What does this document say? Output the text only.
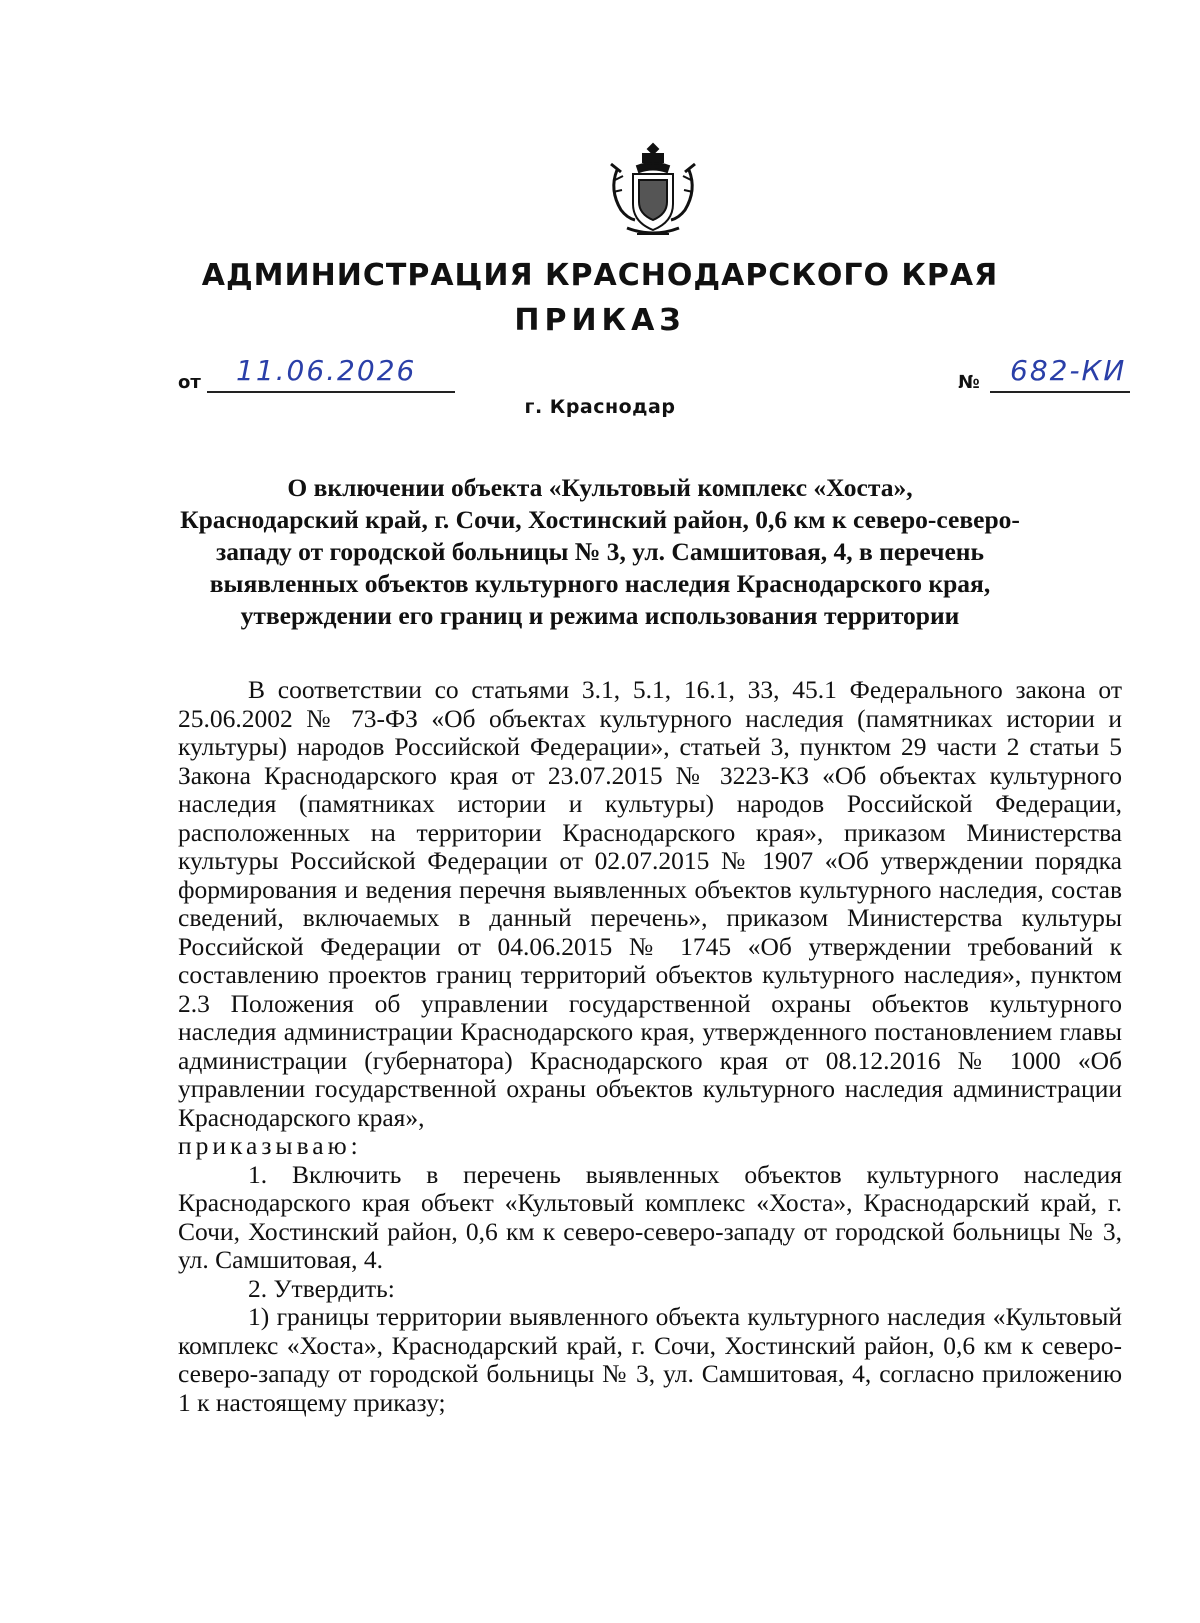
АДМИНИСТРАЦИЯ КРАСНОДАРСКОГО КРАЯ
ПРИКАЗ
от 11.06.2026	№ 682-КИ
г. Краснодар
О включении объекта «Культовый комплекс «Хоста»,
Краснодарский край, г. Сочи, Хостинский район, 0,6 км к северо-северо-
западу от городской больницы № 3, ул. Самшитовая, 4, в перечень
выявленных объектов культурного наследия Краснодарского края,
утверждении его границ и режима использования территории

В соответствии со статьями 3.1, 5.1, 16.1, 33, 45.1 Федерального закона от 25.06.2002 № 73-ФЗ «Об объектах культурного наследия (памятниках истории и культуры) народов Российской Федерации», статьей 3, пунктом 29 части 2 статьи 5 Закона Краснодарского края от 23.07.2015 № 3223-КЗ «Об объектах культурного наследия (памятниках истории и культуры) народов Российской Федерации, расположенных на территории Краснодарского края», приказом Министерства культуры Российской Федерации от 02.07.2015 № 1907 «Об утверждении порядка формирования и ведения перечня выявленных объектов культурного наследия, состав сведений, включаемых в данный перечень», приказом Министерства культуры Российской Федерации от 04.06.2015 № 1745 «Об утверждении требований к составлению проектов границ территорий объектов культурного наследия», пунктом 2.3 Положения об управлении государственной охраны объектов культурного наследия администрации Краснодарского края, утвержденного постановлением главы администрации (губернатора) Краснодарского края от 08.12.2016 № 1000 «Об управлении государственной охраны объектов культурного наследия администрации Краснодарского края»,

приказываю:

1. Включить в перечень выявленных объектов культурного наследия Краснодарского края объект «Культовый комплекс «Хоста», Краснодарский край, г. Сочи, Хостинский район, 0,6 км к северо-северо-западу от городской больницы № 3, ул. Самшитовая, 4.

2. Утвердить:

1) границы территории выявленного объекта культурного наследия «Культовый комплекс «Хоста», Краснодарский край, г. Сочи, Хостинский район, 0,6 км к северо-северо-западу от городской больницы № 3, ул. Самшитовая, 4, согласно приложению 1 к настоящему приказу;
